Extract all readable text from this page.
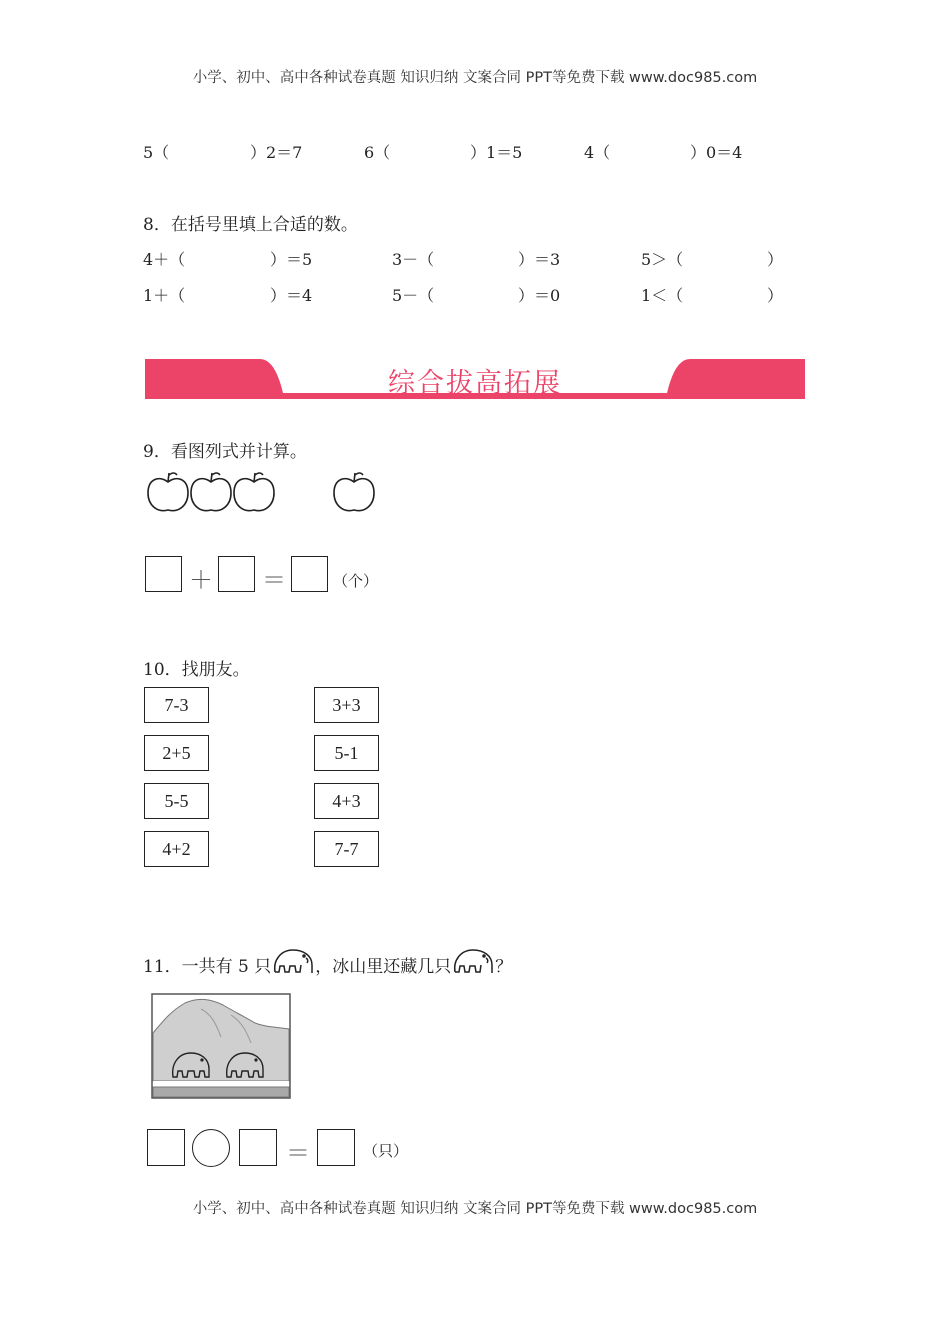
小学、初中、高中各种试卷真题 知识归纳 文案合同 PPT等免费下载 www.doc985.com
5（	）2＝7	6（	）1＝5	4（	）0＝4
8．在括号里填上合适的数。
4＋（	）＝5	3－（	）＝3	5＞（	）
1＋（	）＝4	5－（	）＝0	1＜（	）
综合拔高拓展
9．看图列式并计算。
＋ ＝	（个）
10．找朋友。
7-3
2+5
5-5
4+2
3+3
5-1
4+3
7-7
11．一共有 5 只	，冰山里还藏几只	？
＝	（只）
小学、初中、高中各种试卷真题 知识归纳 文案合同 PPT等免费下载 www.doc985.com
